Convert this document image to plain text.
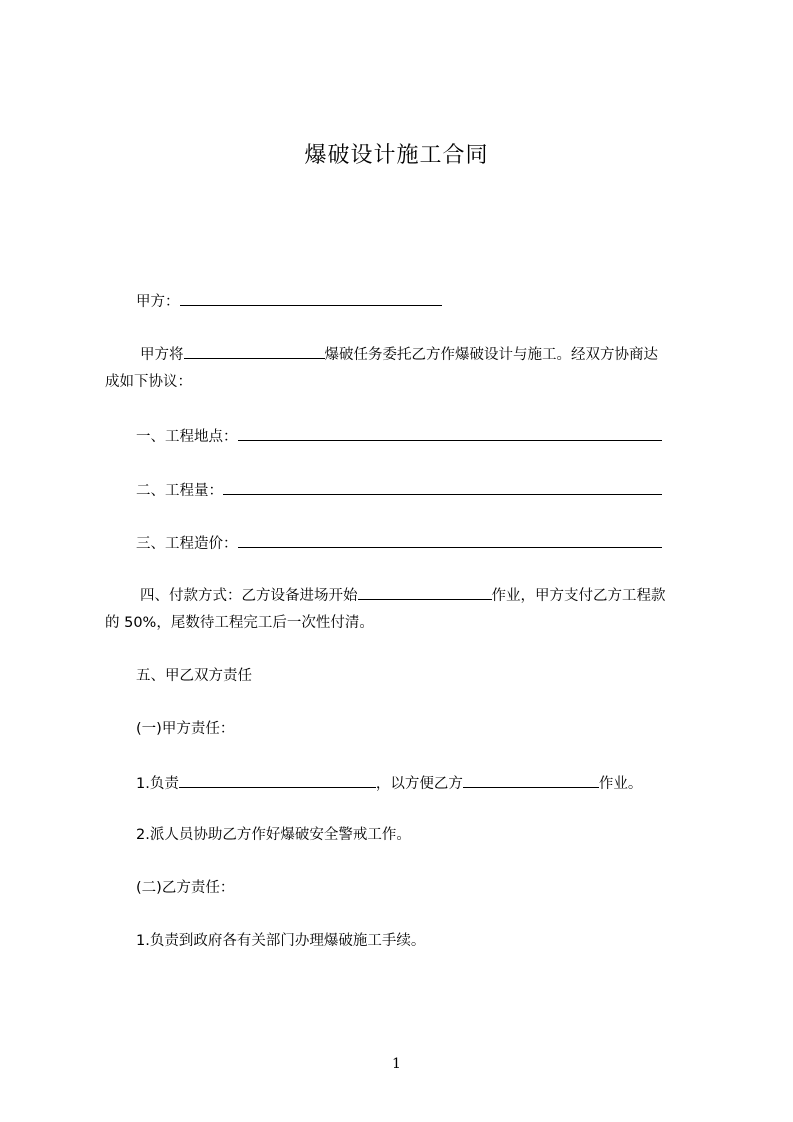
爆破设计施工合同
甲方：
甲方将	爆破任务委托乙方作爆破设计与施工。经双方协商达
成如下协议：
一、工程地点：
二、工程量：
三、工程造价：
四、付款方式：乙方设备进场开始	作业，甲方支付乙方工程款
的 50%，尾数待工程完工后一次性付清。
五、甲乙双方责任
(一)甲方责任：
1.负责	，以方便乙方	作业。
2.派人员协助乙方作好爆破安全警戒工作。
(二)乙方责任：
1.负责到政府各有关部门办理爆破施工手续。
1
